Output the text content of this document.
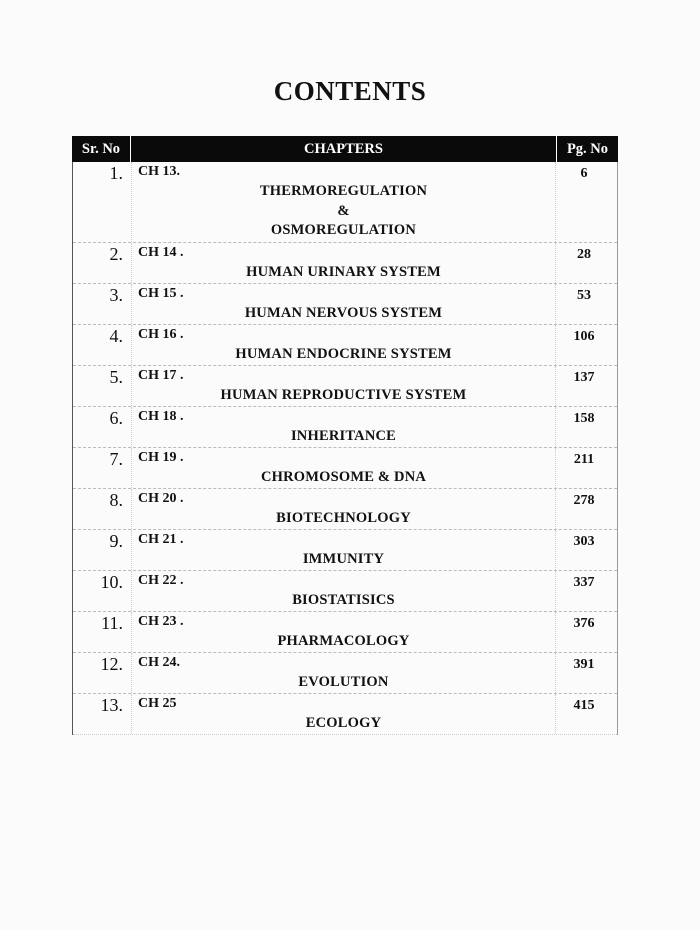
CONTENTS
Sr. No	CHAPTERS	Pg. No
1. CH 13.
THERMOREGULATION
&
OSMOREGULATION
6
2. CH 14 .
HUMAN URINARY SYSTEM
28
3. CH 15 .
HUMAN NERVOUS SYSTEM
53
4. CH 16 .
HUMAN ENDOCRINE SYSTEM
106
5. CH 17 .
HUMAN REPRODUCTIVE SYSTEM
137
6. CH 18 .
INHERITANCE
158
7. CH 19 .
CHROMOSOME & DNA
211
8. CH 20 .
BIOTECHNOLOGY
278
9. CH 21 .
IMMUNITY
303
10. CH 22 .
BIOSTATISICS
337
11. CH 23 .
PHARMACOLOGY
376
12. CH 24.
EVOLUTION
391
13. CH 25
ECOLOGY
415
